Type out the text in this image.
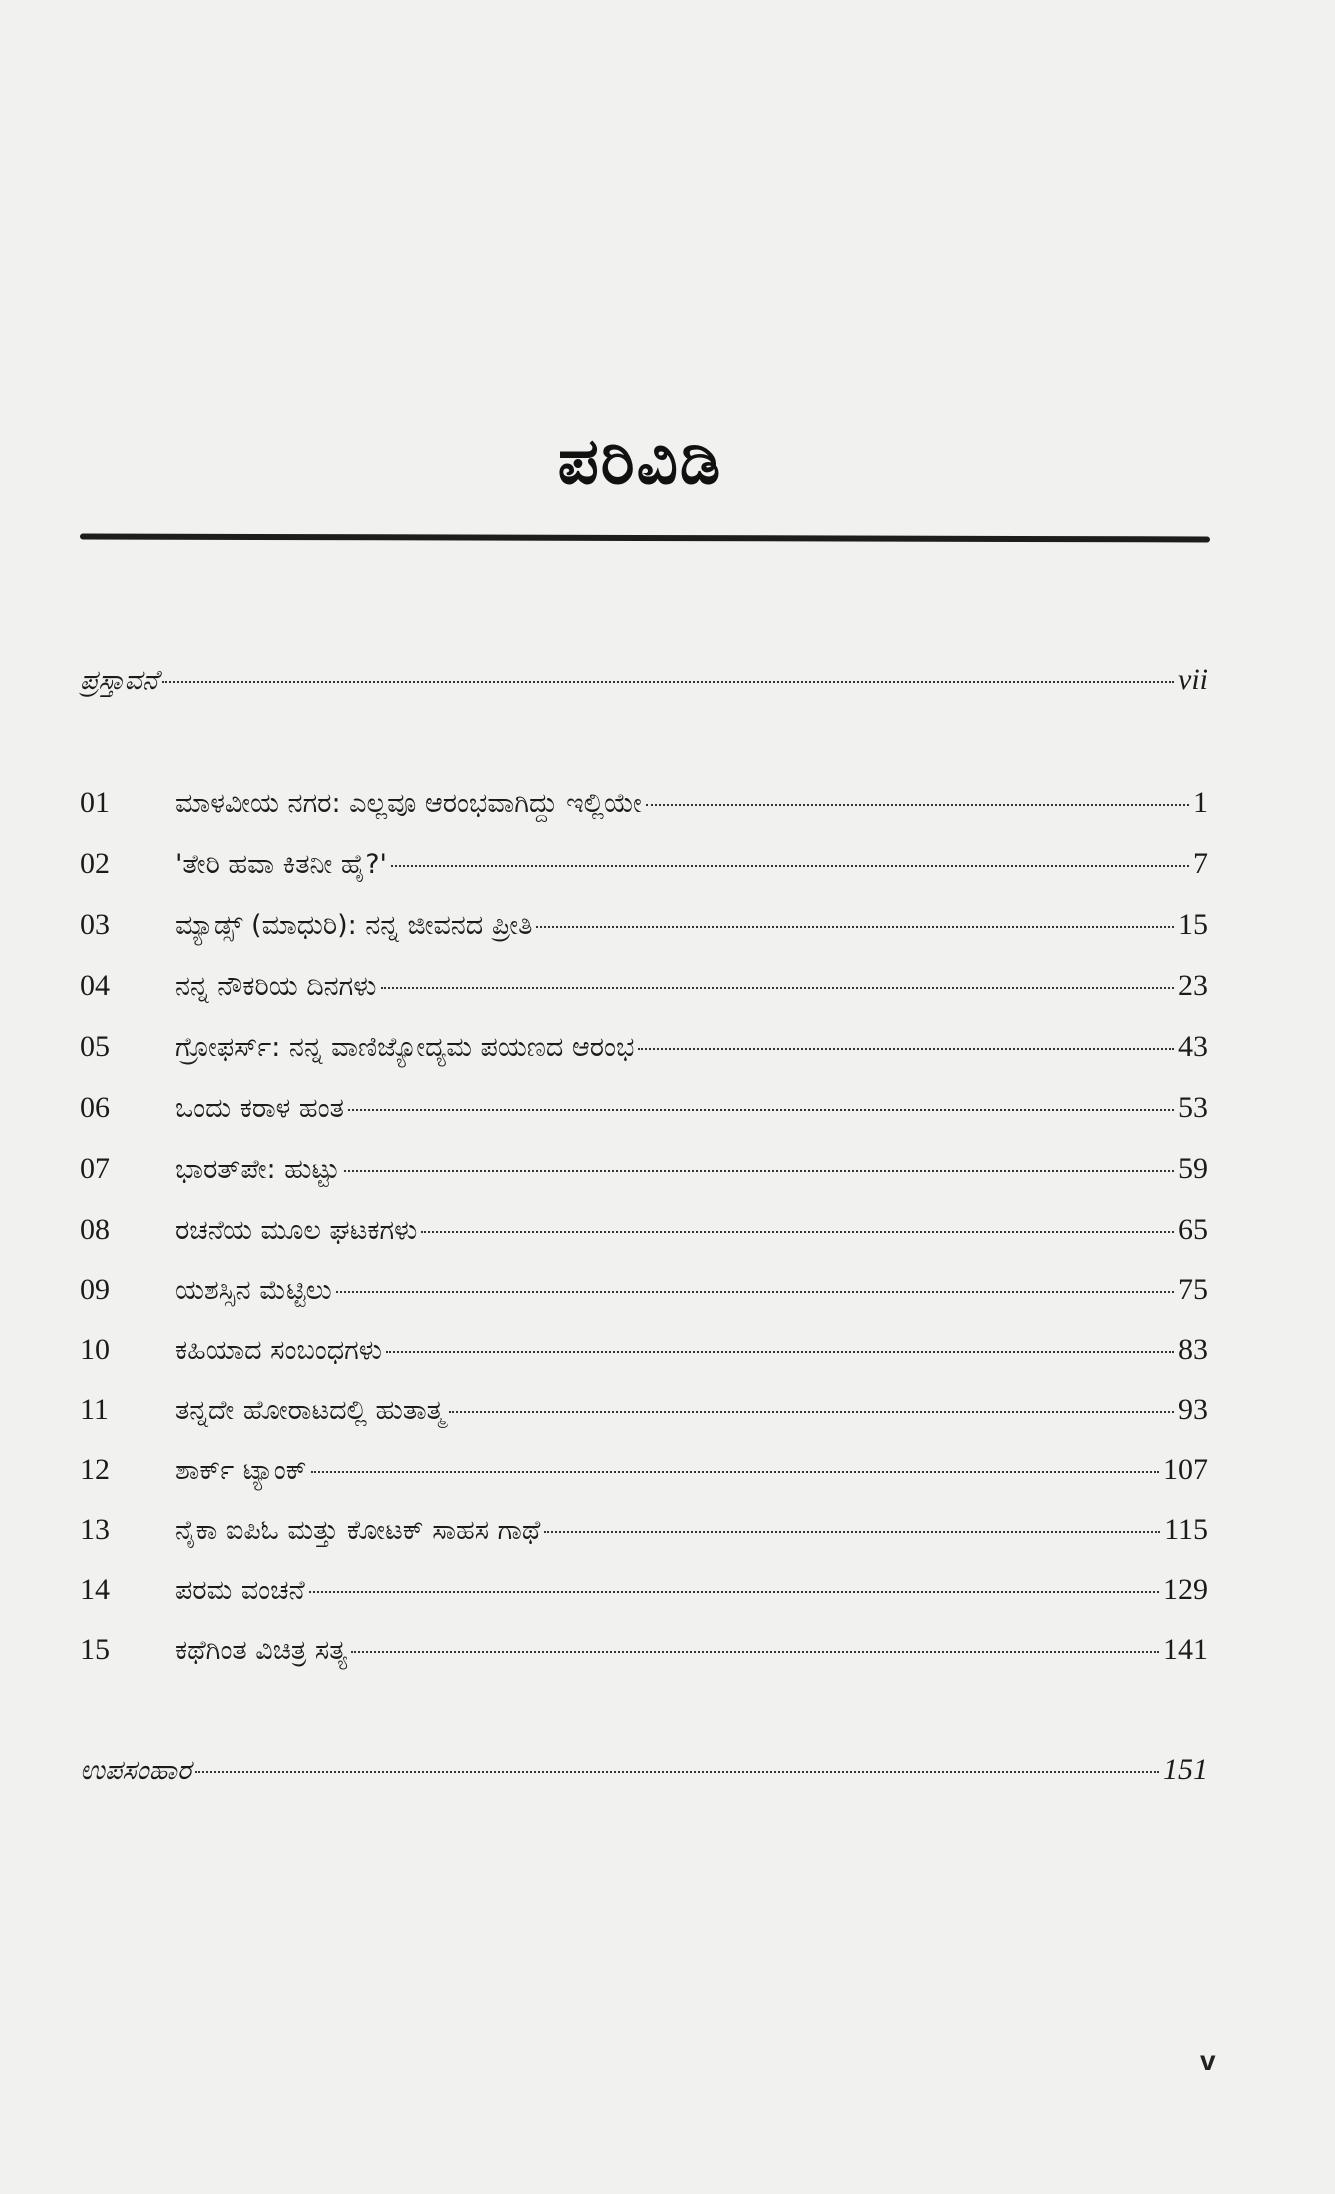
ಪರಿವಿಡಿ
ಪ್ರಸ್ತಾವನೆ	vii
01	ಮಾಳವೀಯ ನಗರ: ಎಲ್ಲವೂ ಆರಂಭವಾಗಿದ್ದು ಇಲ್ಲಿಯೇ	1
02	'ತೇರಿ ಹವಾ ಕಿತನೀ ಹೈ?'	7
03	ಮ್ಯಾಡ್ಸ್ (ಮಾಧುರಿ): ನನ್ನ ಜೀವನದ ಪ್ರೀತಿ	15
04	ನನ್ನ ನೌಕರಿಯ ದಿನಗಳು	23
05	ಗ್ರೋಫರ್ಸ್: ನನ್ನ ವಾಣಿಜ್ಯೋದ್ಯಮ ಪಯಣದ ಆರಂಭ	43
06	ಒಂದು ಕರಾಳ ಹಂತ	53
07	ಭಾರತ್‌ಪೇ: ಹುಟ್ಟು	59
08	ರಚನೆಯ ಮೂಲ ಘಟಕಗಳು	65
09	ಯಶಸ್ಸಿನ ಮೆಟ್ಟಿಲು	75
10	ಕಹಿಯಾದ ಸಂಬಂಧಗಳು	83
11	ತನ್ನದೇ ಹೋರಾಟದಲ್ಲಿ ಹುತಾತ್ಮ	93
12	ಶಾರ್ಕ್ ಟ್ಯಾಂಕ್	107
13	ನೈಕಾ ಐಪಿಓ ಮತ್ತು ಕೋಟಕ್ ಸಾಹಸ ಗಾಥೆ	115
14	ಪರಮ ವಂಚನೆ	129
15	ಕಥೆಗಿಂತ ವಿಚಿತ್ರ ಸತ್ಯ	141
ಉಪಸಂಹಾರ	151
v
